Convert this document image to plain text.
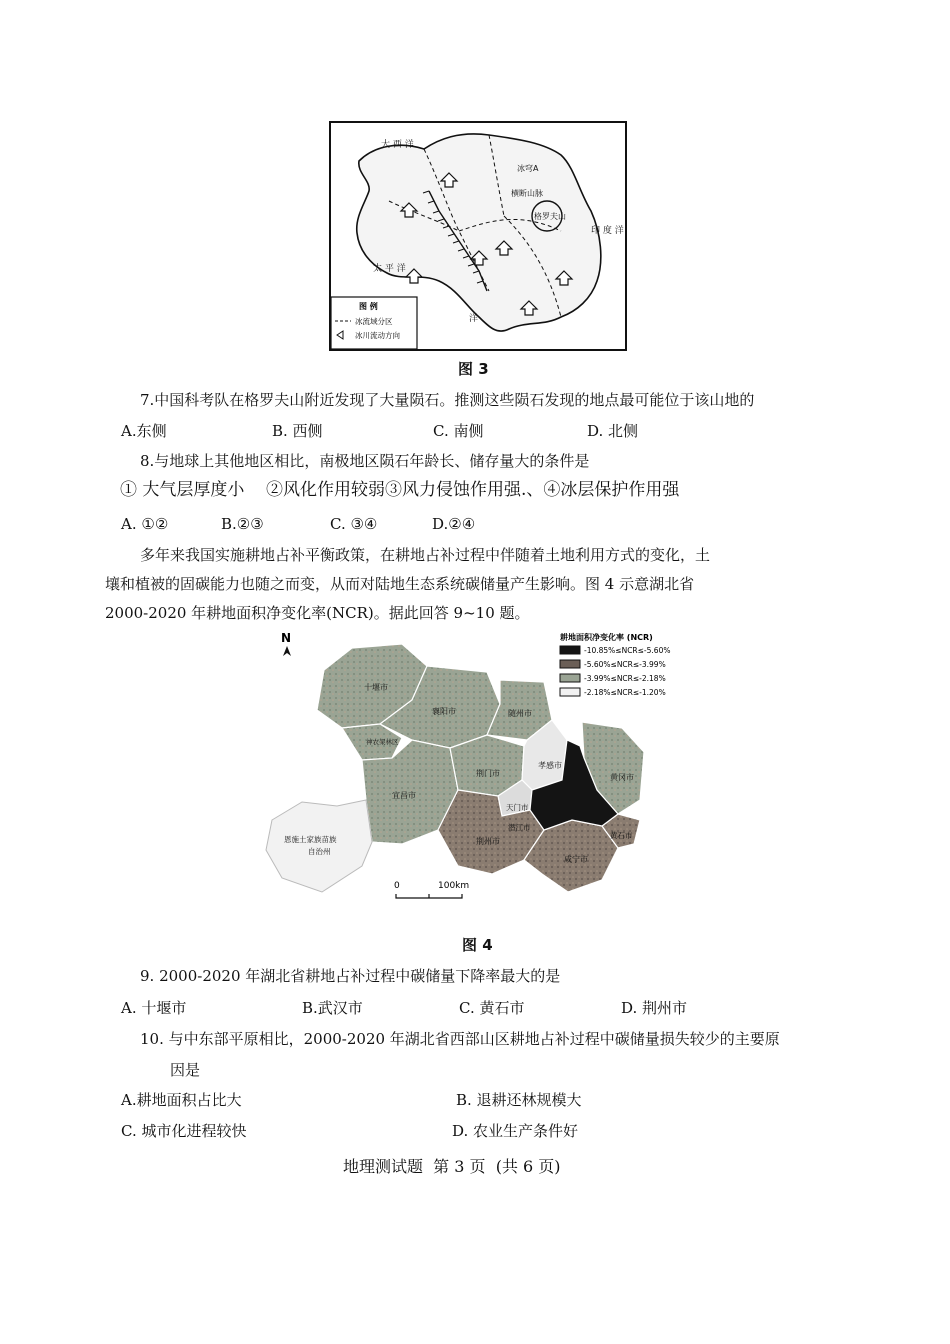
大 西 洋
太 平 洋
印 度 洋
洋
冰穹A
格罗夫山
横断山脉
图 例
冰流域分区
冰川流动方向
图 3
7.中国科考队在格罗夫山附近发现了大量陨石。推测这些陨石发现的地点最可能位于该山地的
A.东侧	B. 西侧	C. 南侧	D. 北侧
8.与地球上其他地区相比，南极地区陨石年龄长、储存量大的条件是
① 大气层厚度小    ②风化作用较弱③风力侵蚀作用强.、④冰层保护作用强
A. ①②	B.②③	C. ③④	D.②④
多年来我国实施耕地占补平衡政策，在耕地占补过程中伴随着土地利用方式的变化，土
壤和植被的固碳能力也随之而变，从而对陆地生态系统碳储量产生影响。图 4 示意湖北省
2000-2020 年耕地面积净变化率(NCR)。据此回答 9~10 题。
N
十堰市
襄阳市	随州市
神农架林区
宜昌市
荆门市
孝感市
黄冈市
天门市
潜江市
荆州市
黄石市
咸宁市
恩施土家族苗族
自治州
耕地面积净变化率 (NCR)
-10.85%≤NCR≤-5.60%
-5.60%≤NCR≤-3.99%
-3.99%≤NCR≤-2.18%
-2.18%≤NCR≤-1.20%
0	100km
图 4
9. 2000-2020 年湖北省耕地占补过程中碳储量下降率最大的是
A. 十堰市	B.武汉市	C. 黄石市	D. 荆州市
10. 与中东部平原相比，2000-2020 年湖北省西部山区耕地占补过程中碳储量损失较少的主要原
因是
A.耕地面积占比大	B. 退耕还林规模大
C. 城市化进程较快	D. 农业生产条件好
地理测试题  第 3 页  (共 6 页)
